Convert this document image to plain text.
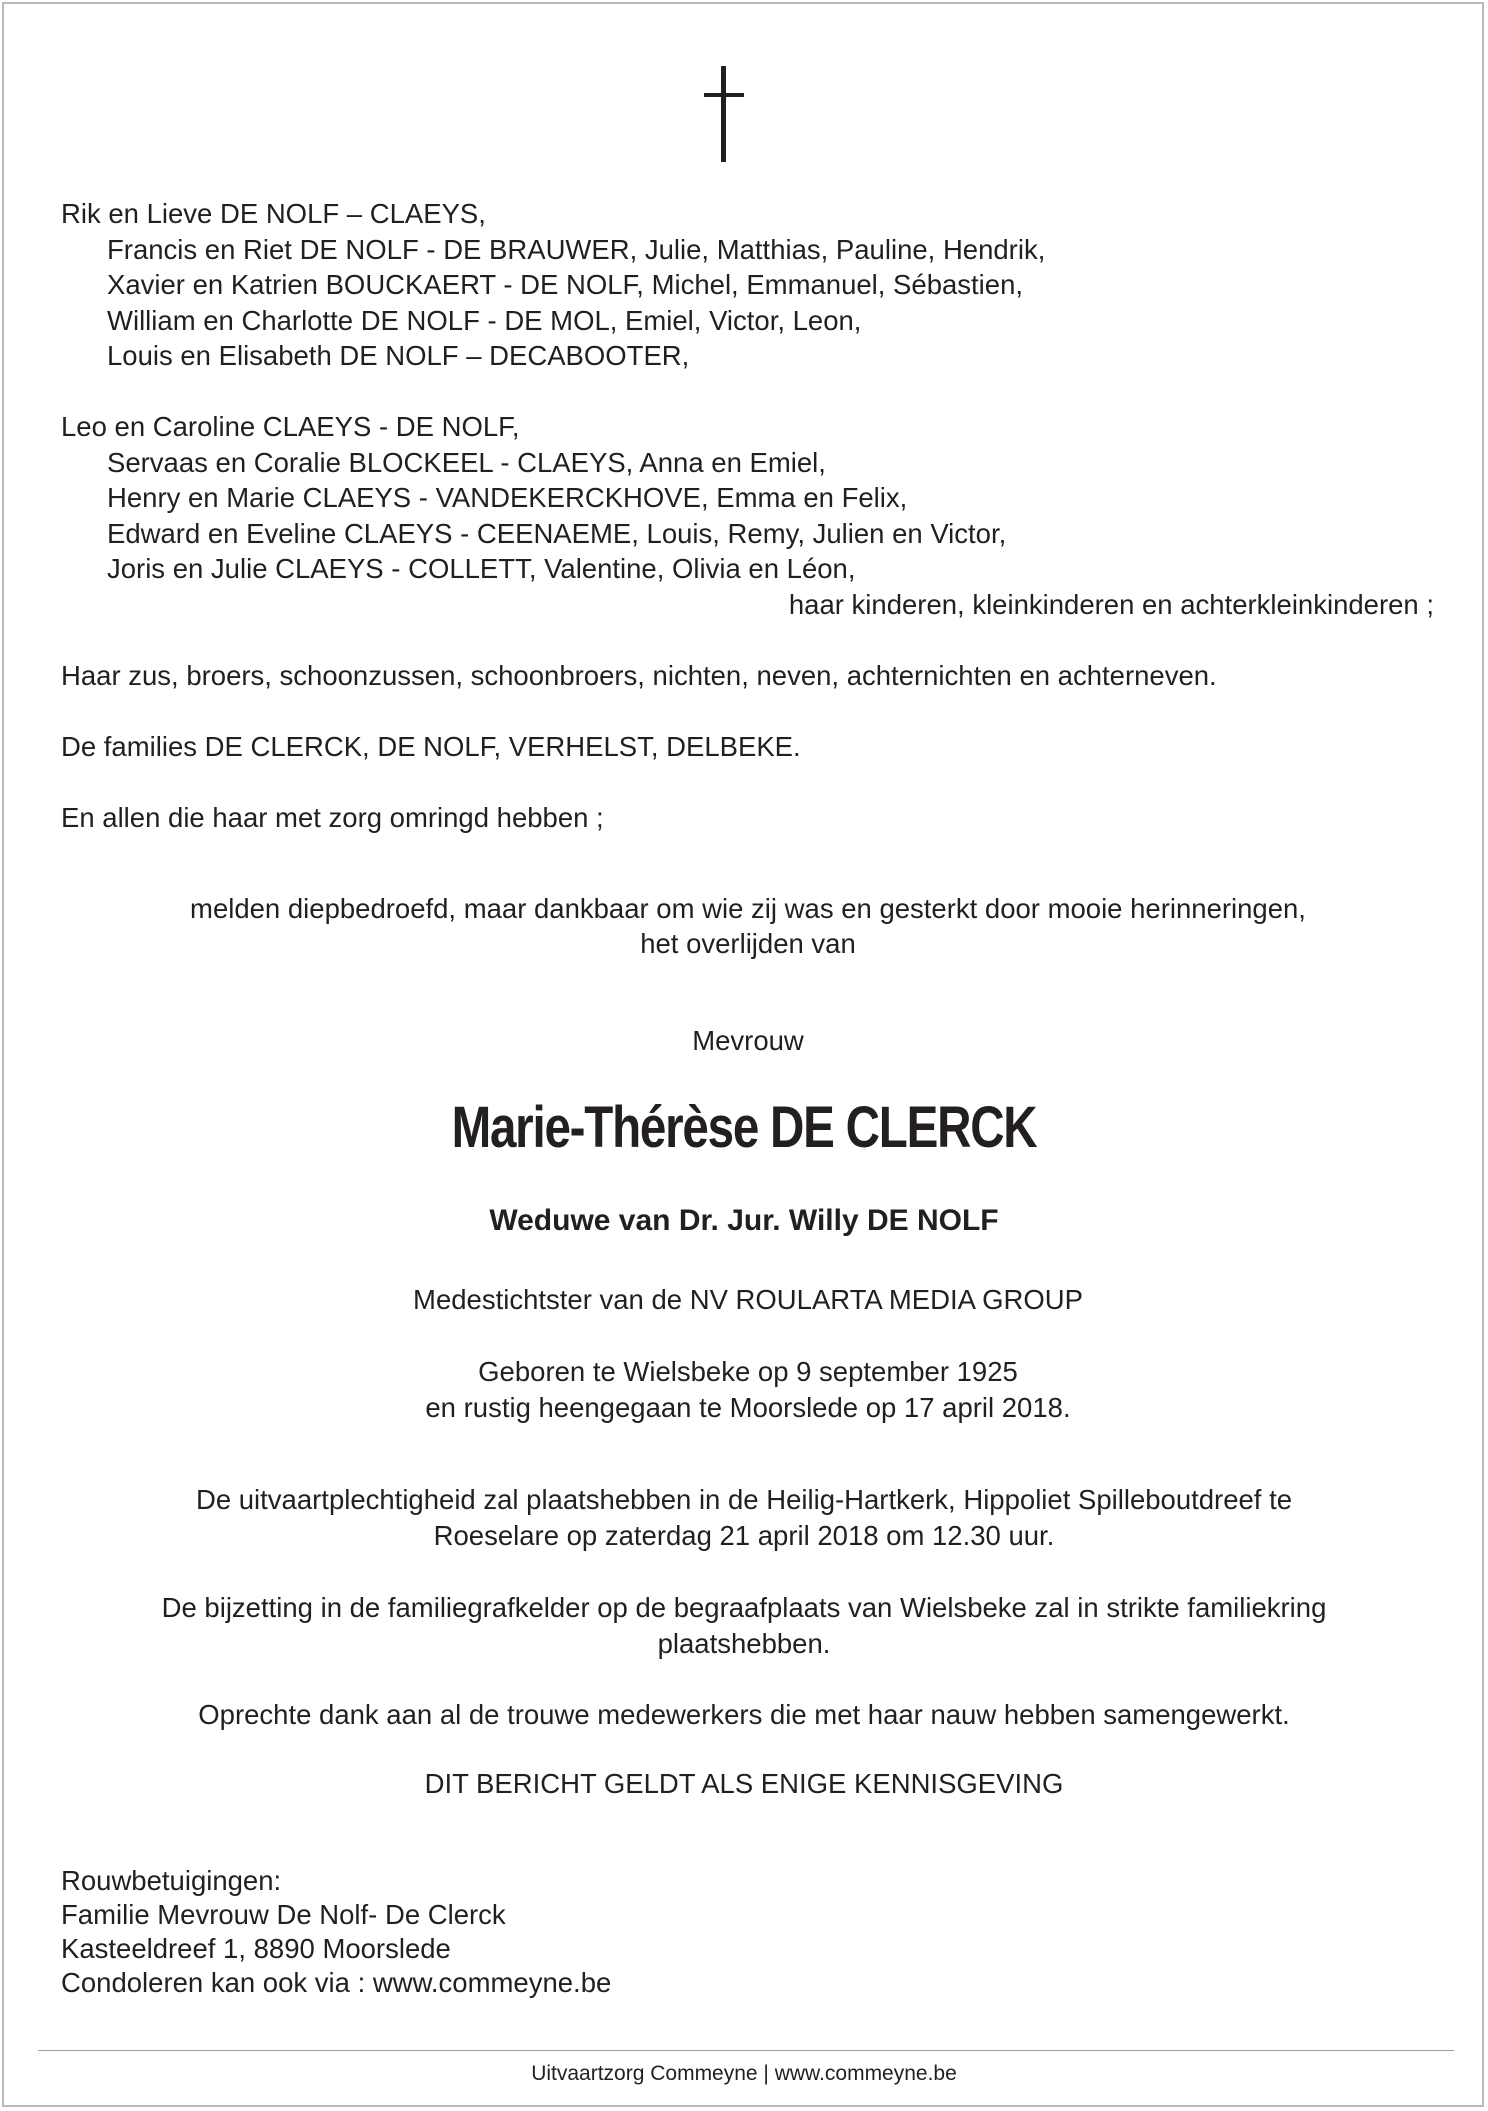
Rik en Lieve DE NOLF – CLAEYS,
Francis en Riet DE NOLF - DE BRAUWER, Julie, Matthias, Pauline, Hendrik,
Xavier en Katrien BOUCKAERT - DE NOLF, Michel, Emmanuel, Sébastien,
William en Charlotte DE NOLF - DE MOL, Emiel, Victor, Leon,
Louis en Elisabeth DE NOLF – DECABOOTER,
Leo en Caroline CLAEYS - DE NOLF,
Servaas en Coralie BLOCKEEL - CLAEYS, Anna en Emiel,
Henry en Marie CLAEYS - VANDEKERCKHOVE, Emma en Felix,
Edward en Eveline CLAEYS - CEENAEME, Louis, Remy, Julien en Victor,
Joris en Julie CLAEYS - COLLETT, Valentine, Olivia en Léon,
haar kinderen, kleinkinderen en achterkleinkinderen ;
Haar zus, broers, schoonzussen, schoonbroers, nichten, neven, achternichten en achterneven.
De families DE CLERCK, DE NOLF, VERHELST, DELBEKE.
En allen die haar met zorg omringd hebben ;
melden diepbedroefd, maar dankbaar om wie zij was en gesterkt door mooie herinneringen,
het overlijden van
Mevrouw
Marie-Thérèse DE CLERCK
Weduwe van Dr. Jur. Willy DE NOLF
Medestichtster van de NV ROULARTA MEDIA GROUP
Geboren te Wielsbeke op 9 september 1925
en rustig heengegaan te Moorslede op 17 april 2018.
De uitvaartplechtigheid zal plaatshebben in de Heilig-Hartkerk, Hippoliet Spilleboutdreef te
Roeselare op zaterdag 21 april 2018 om 12.30 uur.
De bijzetting in de familiegrafkelder op de begraafplaats van Wielsbeke zal in strikte familiekring
plaatshebben.
Oprechte dank aan al de trouwe medewerkers die met haar nauw hebben samengewerkt.
DIT BERICHT GELDT ALS ENIGE KENNISGEVING
Rouwbetuigingen:
Familie Mevrouw De Nolf- De Clerck
Kasteeldreef 1, 8890 Moorslede
Condoleren kan ook via : www.commeyne.be
Uitvaartzorg Commeyne | www.commeyne.be
